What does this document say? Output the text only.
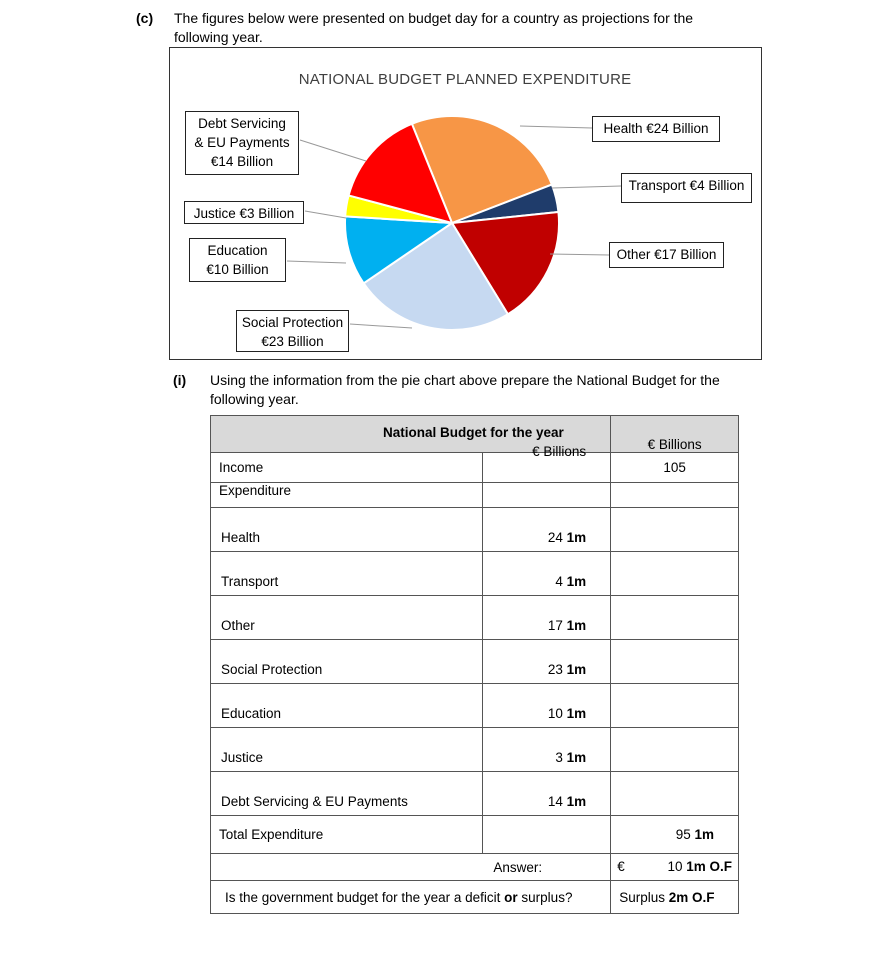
(c) The figures below were presented on budget day for a country as projections for the following year.
NATIONAL BUDGET PLANNED EXPENDITURE
Debt Servicing
& EU Payments
€14 Billion
Justice €3 Billion
Education
€10 Billion
Social Protection
€23 Billion
Health €24 Billion
Transport €4 Billion
Other €17 Billion
(i) Using the information from the pie chart above prepare the National Budget for the following year.
National Budget for the year
€ Billions		€ Billions
Income		105
Expenditure		
Health	24 1m	
Transport	4 1m	
Other	17 1m	
Social Protection	23 1m	
Education	10 1m	
Justice	3 1m	
Debt Servicing & EU Payments	14 1m	
Total Expenditure		95 1m
Answer:		€ 10 1m O.F

Is the government budget for the year a deficit or surplus?		Surplus 2m O.F
